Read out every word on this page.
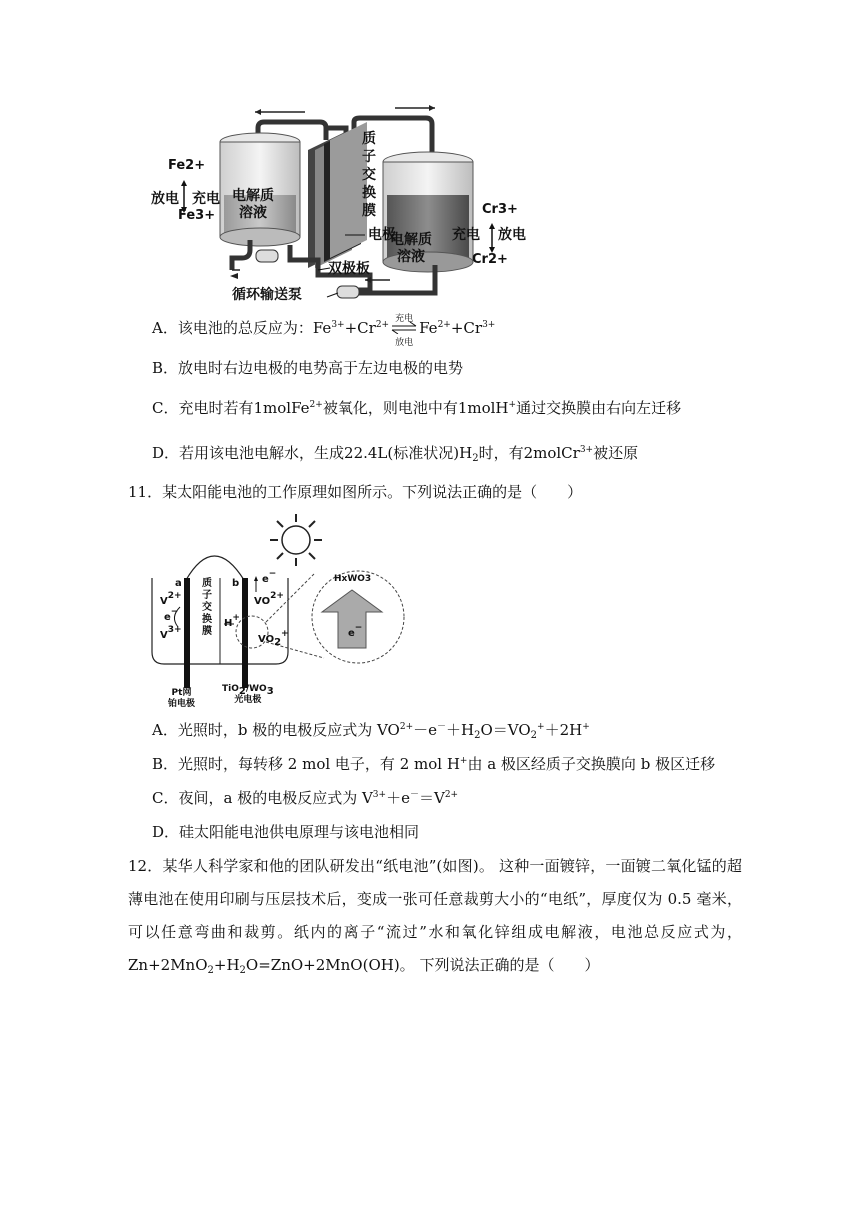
Fe2+
放电 充电
Fe3+
电解质
溶液
质
子
交
换
膜
电极
双极板
循环输送泵
电解质
溶液
Cr3+
充电 放电
Cr2+
A．该电池的总反应为：$Fe^{3+}+Cr^{2+}$
充电
放电
$Fe^{2+}+Cr^{3+}$
B．放电时右边电极的电势高于左边电极的电势
C．充电时若有1molFe$^{2+}$被氧化，则电池中有1molH+通过交换膜由右向左迁移
D．若用该电池电解水，生成22.4L(标准状况)$H_2$时，有2molCr$^{3+}$被还原
11．某太阳能电池的工作原理如图所示。下列说法正确的是（　　）
a	b e−
质
子
交
换
膜
$V^{2+}$
e−
$V^{3+}$
$VO^{2+}$
H+
$VO_2^+$
Pt网
铂电极
$TiO_2/WO_3$
光电极
HxWO3
e−
A．光照时，b 极的电极反应式为 $VO^{2+}-e^-+H_2O=VO_2^++2H^+$
B．光照时，每转移 2 mol 电子，有 2 mol H+由 a 极区经质子交换膜向 b 极区迁移
C．夜间，a 极的电极反应式为 $V^{3+}+e^-=V^{2+}$
D．硅太阳能电池供电原理与该电池相同
12．某华人科学家和他的团队研发出“纸电池”(如图)。 这种一面镀锌，一面镀二氧化锰的超薄电池在使用印刷与压层技术后，变成一张可任意裁剪大小的“电纸”，厚度仅为 0.5 毫米，可以任意弯曲和裁剪。纸内的离子“流过”水和氧化锌组成电解液，电池总反应式为，$Zn+2MnO_2+H_2O=ZnO+2MnO(OH)$。 下列说法正确的是（　　）
